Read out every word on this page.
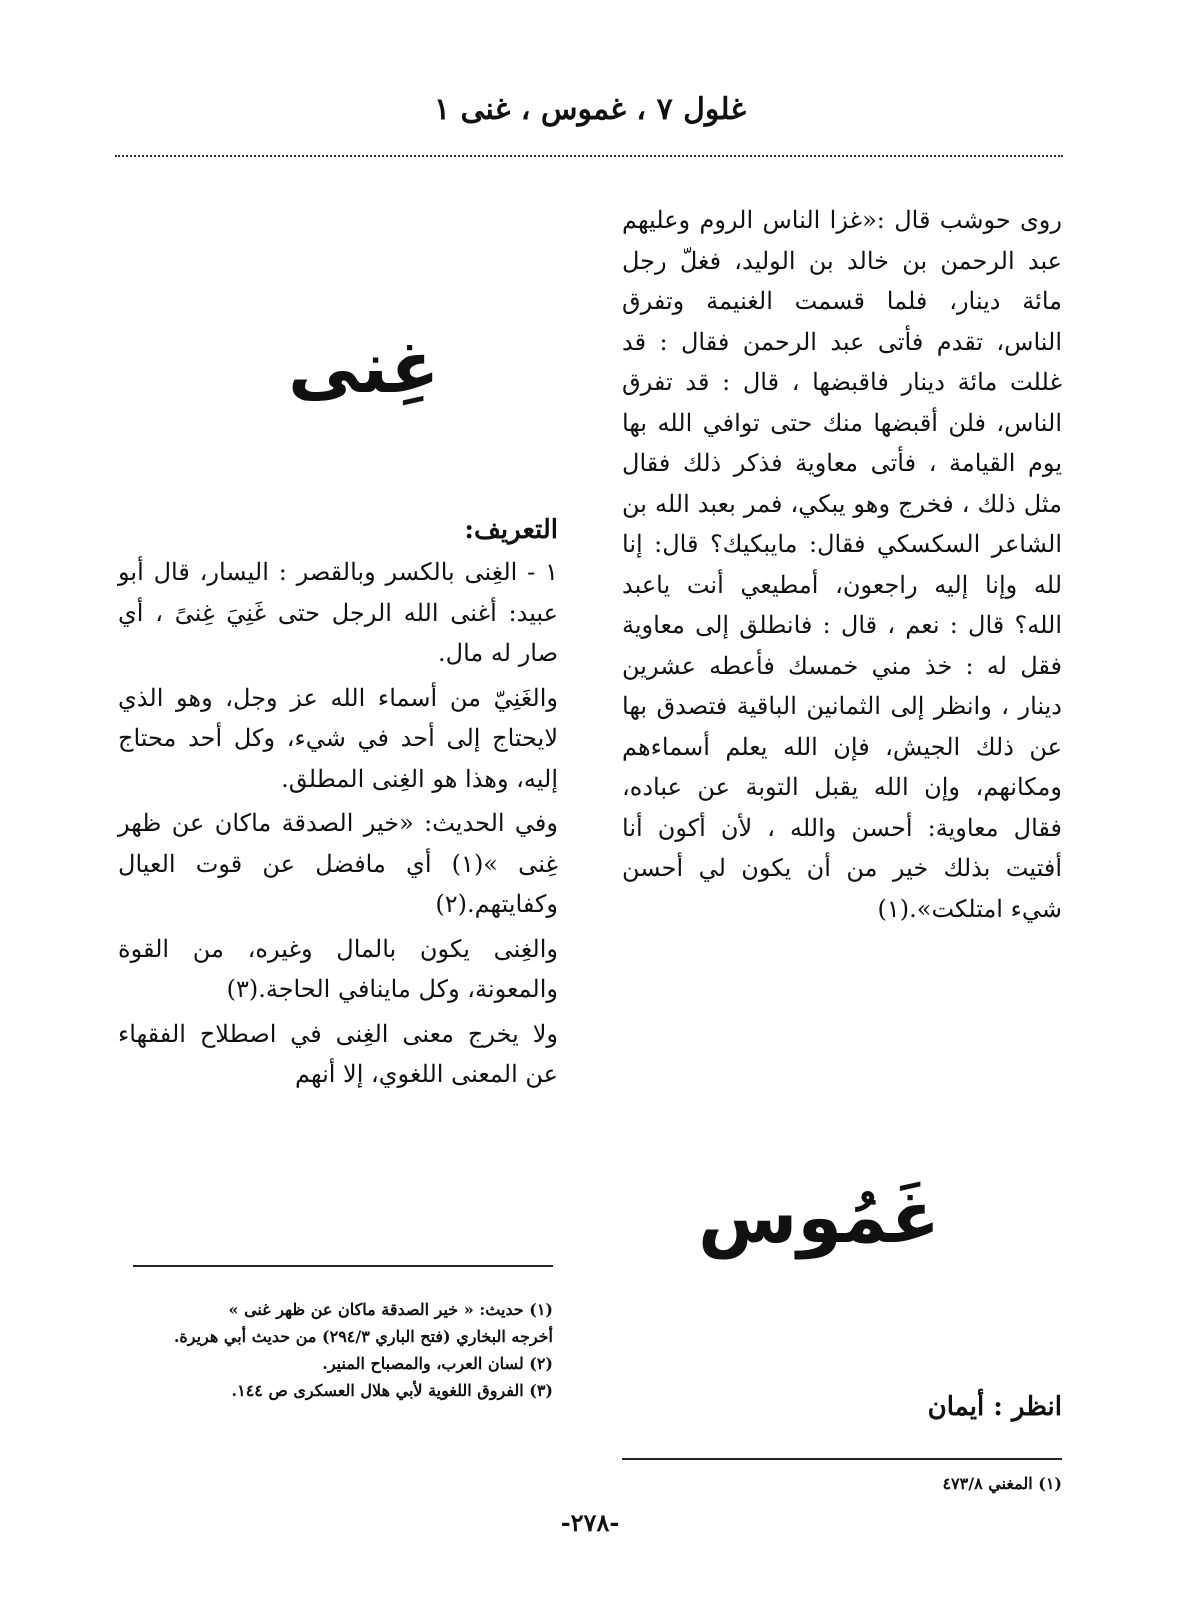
غلول ٧ ، غموس ، غنى ١

روى حوشب قال :«غزا الناس الروم وعليهم عبد الرحمن بن خالد بن الوليد، فغلّ رجل مائة دينار، فلما قسمت الغنيمة وتفرق الناس، تقدم فأتى عبد الرحمن فقال : قد غللت مائة دينار فاقبضها ، قال : قد تفرق الناس، فلن أقبضها منك حتى توافي الله بها يوم القيامة ، فأتى معاوية فذكر ذلك فقال مثل ذلك ، فخرج وهو يبكي، فمر بعبد الله بن الشاعر السكسكي فقال: مايبكيك؟ قال: إنا لله وإنا إليه راجعون، أمطيعي أنت ياعبد الله؟ قال : نعم ، قال : فانطلق إلى معاوية فقل له : خذ مني خمسك فأعطه عشرين دينار ، وانظر إلى الثمانين الباقية فتصدق بها عن ذلك الجيش، فإن الله يعلم أسماءهم ومكانهم، وإن الله يقبل التوبة عن عباده، فقال معاوية: أحسن والله ، لأن أكون أنا أفتيت بذلك خير من أن يكون لي أحسن شيء امتلكت».(١)

غَمُوس
انظر : أيمان
(١) المغني ٤٧٣/٨
غِنى
التعريف:

١ - الغِنى بالكسر وبالقصر : اليسار، قال أبو عبيد: أغنى الله الرجل حتى غَنِيَ غِنىً ، أي صار له مال.

والغَنِيّ من أسماء الله عز وجل، وهو الذي لايحتاج إلى أحد في شيء، وكل أحد محتاج إليه، وهذا هو الغِنى المطلق.

وفي الحديث: «خير الصدقة ماكان عن ظهر غِنى »(١) أي مافضل عن قوت العيال وكفايتهم.(٢)

والغِنى يكون بالمال وغيره، من القوة والمعونة، وكل ماينافي الحاجة.(٣)

ولا يخرج معنى الغِنى في اصطلاح الفقهاء عن المعنى اللغوي، إلا أنهم

(١) حديث: « خير الصدقة ماكان عن ظهر غنى »
أخرجه البخاري (فتح الباري ٢٩٤/٣) من حديث أبي هريرة.
(٢) لسان العرب، والمصباح المنير.
(٣) الفروق اللغوية لأبي هلال العسكرى ص ١٤٤.
-٢٧٨-
